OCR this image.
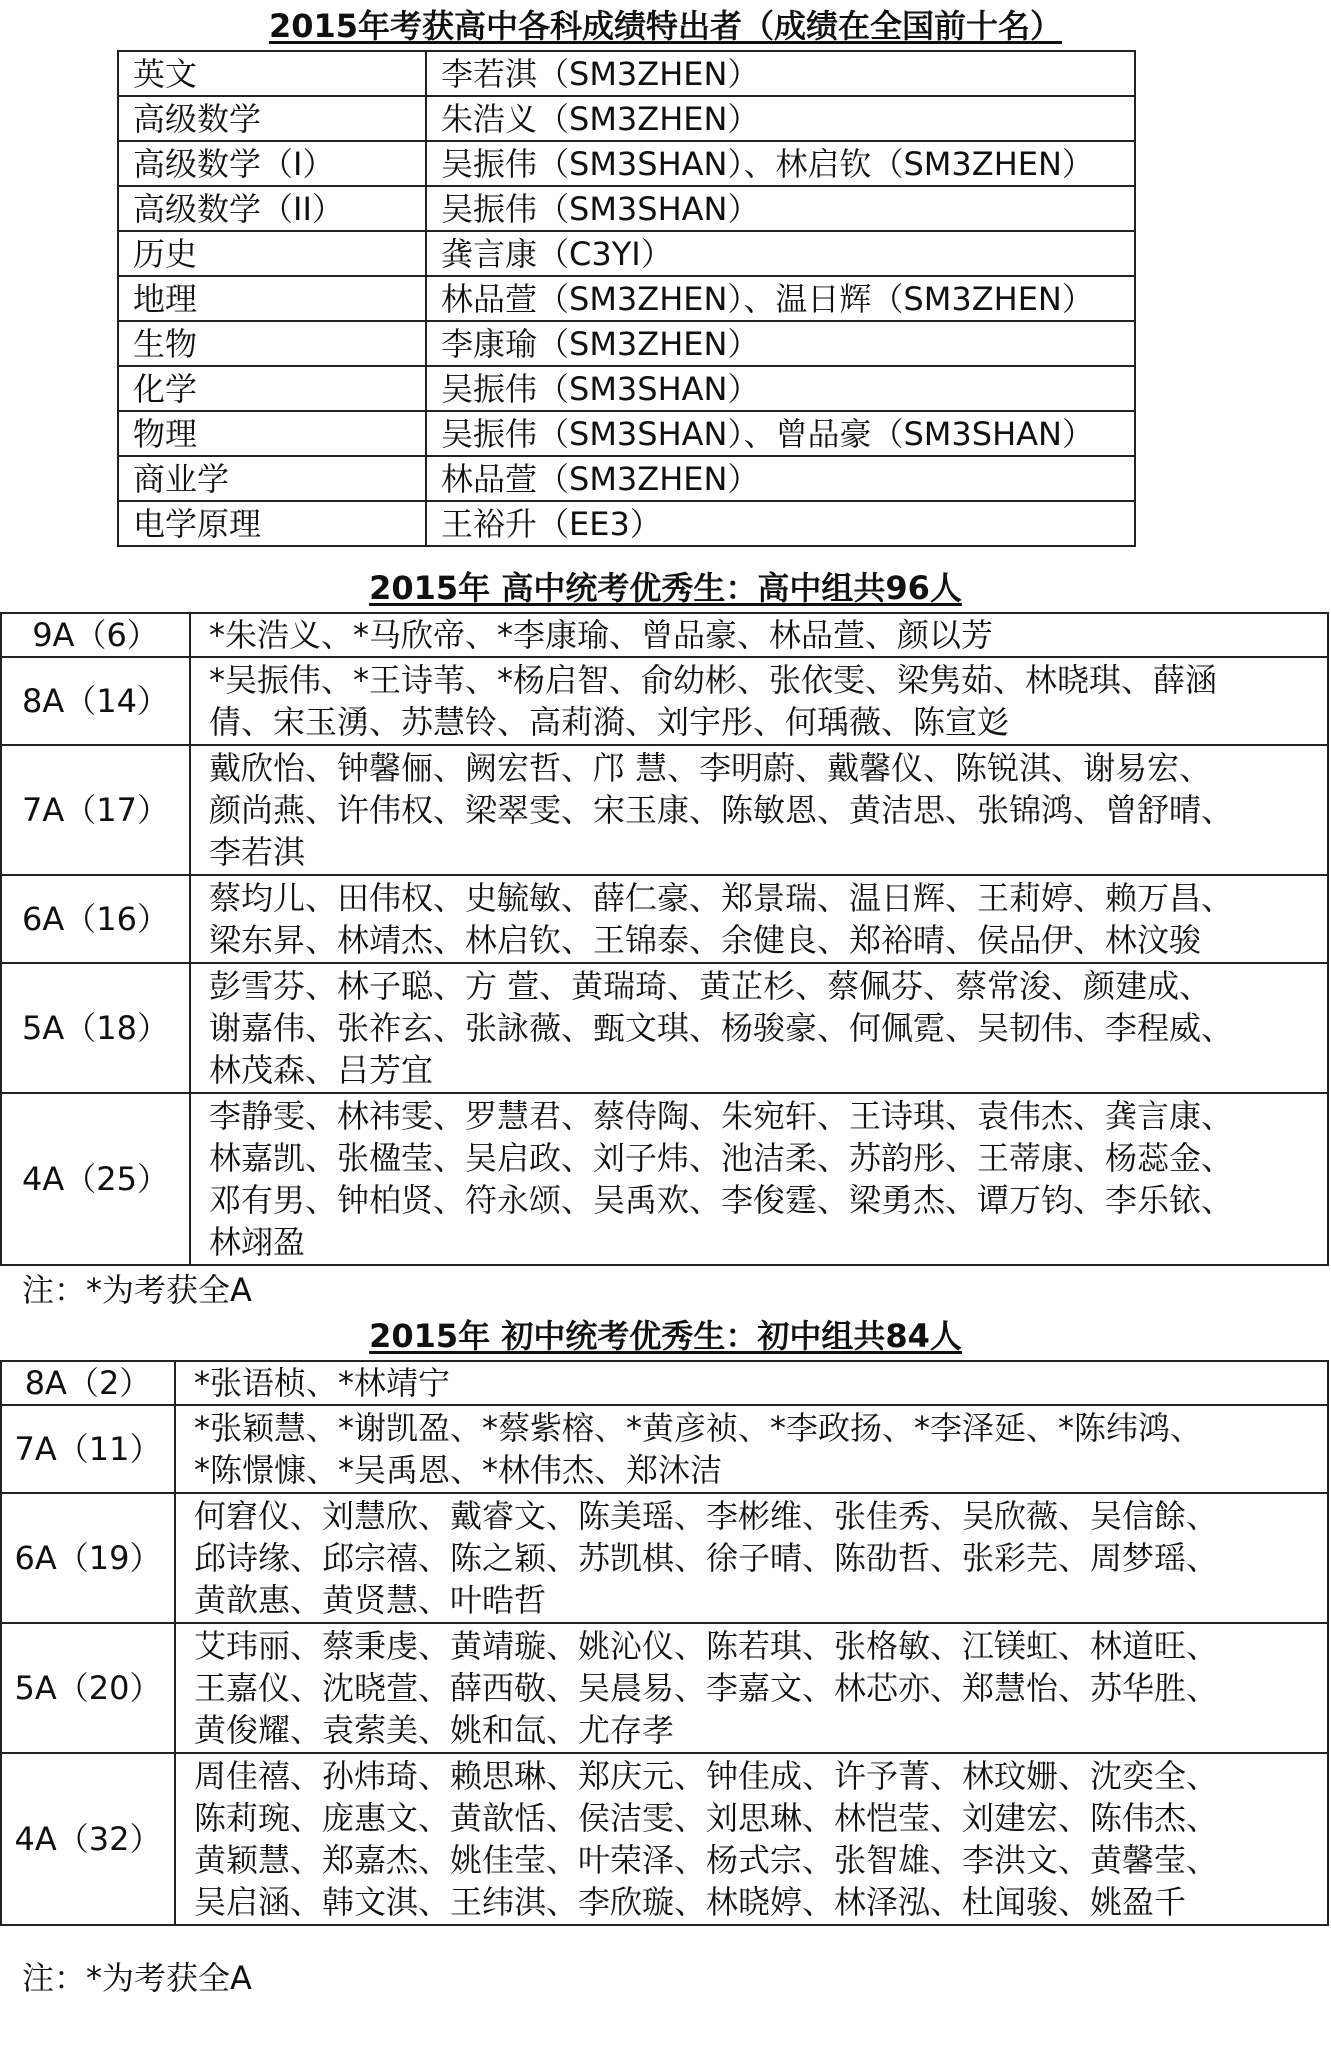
2015年考获高中各科成绩特出者（成绩在全国前十名）
英文	李若淇（SM3ZHEN）
高级数学	朱浩义（SM3ZHEN）
高级数学（I）	吴振伟（SM3SHAN）、林启钦（SM3ZHEN）
高级数学（II）	吴振伟（SM3SHAN）
历史	龚言康（C3YI）
地理	林品萱（SM3ZHEN）、温日辉（SM3ZHEN）
生物	李康瑜（SM3ZHEN）
化学	吴振伟（SM3SHAN）
物理	吴振伟（SM3SHAN）、曾品豪（SM3SHAN）
商业学	林品萱（SM3ZHEN）
电学原理	王裕升（EE3）
2015年 高中统考优秀生：高中组共96人
9A（6）	*朱浩义、*马欣帝、*李康瑜、曾品豪、林品萱、颜以芳

8A（14）	*吴振伟、*王诗苇、*杨启智、俞幼彬、张依雯、梁隽茹、林晓琪、薛涵
倩、宋玉湧、苏慧铃、高莉漪、刘宇彤、何瑀薇、陈宣彣

7A（17）	戴欣怡、钟馨俪、阙宏哲、邝 慧、李明蔚、戴馨仪、陈锐淇、谢易宏、
颜尚燕、许伟权、梁翠雯、宋玉康、陈敏恩、黄洁思、张锦鸿、曾舒晴、
李若淇

6A（16）	蔡均儿、田伟权、史毓敏、薛仁豪、郑景瑞、温日辉、王莉婷、赖万昌、
梁东昇、林靖杰、林启钦、王锦泰、余健良、郑裕晴、侯品伊、林汶骏

5A（18）	彭雪芬、林子聪、方 萱、黄瑞琦、黄芷杉、蔡佩芬、蔡常浚、颜建成、
谢嘉伟、张祚玄、张詠薇、甄文琪、杨骏豪、何佩霓、吴韧伟、李程威、
林茂森、吕芳宜

4A（25）	李静雯、林祎雯、罗慧君、蔡侍陶、朱宛轩、王诗琪、袁伟杰、龚言康、
林嘉凯、张楹莹、吴启政、刘子炜、池洁柔、苏韵彤、王蒂康、杨蕊金、
邓有男、钟柏贤、符永颂、吴禹欢、李俊霆、梁勇杰、谭万钧、李乐铱、
林翊盈
注：*为考获全A
2015年 初中统考优秀生：初中组共84人
8A（2）	*张语桢、*林靖宁

7A（11）	*张颖慧、*谢凯盈、*蔡紫榕、*黄彦祯、*李政扬、*李泽延、*陈纬鸿、
*陈憬慷、*吴禹恩、*林伟杰、郑沐洁

6A（19）	何窘仪、刘慧欣、戴睿文、陈美瑶、李彬维、张佳秀、吴欣薇、吴信餘、
邱诗缘、邱宗禧、陈之颖、苏凯棋、徐子晴、陈劭哲、张彩芫、周梦瑶、
黄歆惠、黄贤慧、叶晧哲

5A（20）	艾玮丽、蔡秉虔、黄靖璇、姚沁仪、陈若琪、张格敏、江镁虹、林道旺、
王嘉仪、沈晓萱、薛西敬、吴晨易、李嘉文、林芯亦、郑慧怡、苏华胜、
黄俊耀、袁萦美、姚和氙、尤存孝

4A（32）	周佳禧、孙炜琦、赖思琳、郑庆元、钟佳成、许予菁、林玟姗、沈奕全、
陈莉琬、庞惠文、黄歆恬、侯洁雯、刘思琳、林恺莹、刘建宏、陈伟杰、
黄颖慧、郑嘉杰、姚佳莹、叶荣泽、杨式宗、张智雄、李洪文、黄馨莹、
吴启涵、韩文淇、王纬淇、李欣璇、林晓婷、林泽泓、杜闻骏、姚盈千
注：*为考获全A
